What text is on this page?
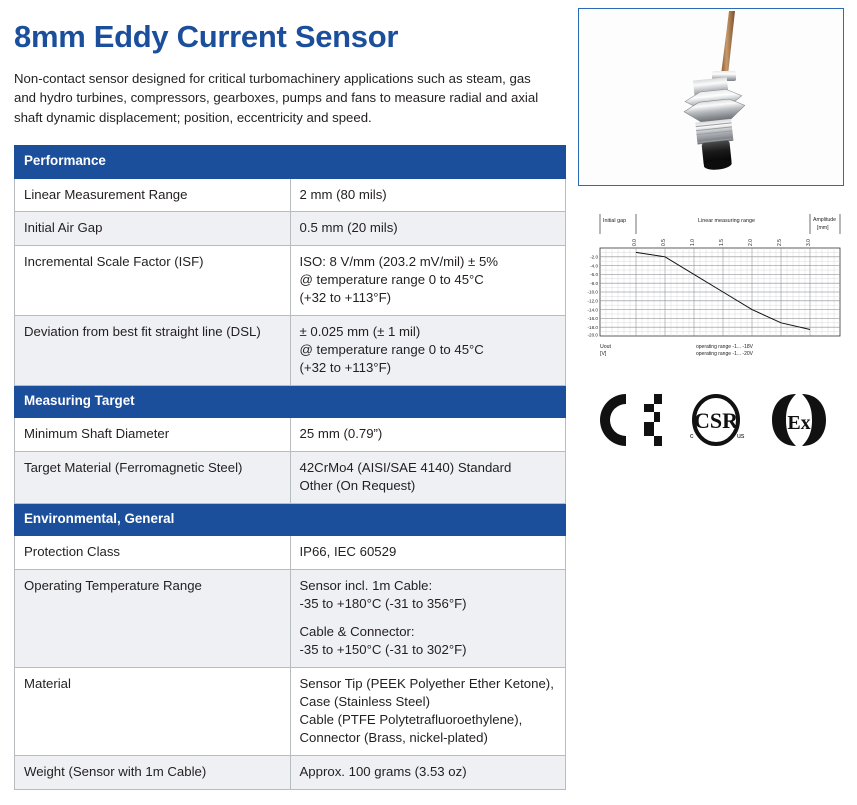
8mm Eddy Current Sensor

Non-contact sensor designed for critical turbomachinery applications such as steam, gas and hydro turbines, compressors, gearboxes, pumps and fans to measure radial and axial shaft dynamic displacement; position, eccentricity and speed.

Performance	
Linear Measurement Range	2 mm (80 mils)

Initial Air Gap	0.5 mm (20 mils)

Incremental Scale Factor (ISF)	ISO: 8 V/mm (203.2 mV/mil) ± 5%
@ temperature range 0 to 45°C
(+32 to +113°F)

Deviation from best fit straight line (DSL)	± 0.025 mm (± 1 mil)
@ temperature range 0 to 45°C
(+32 to +113°F)

Measuring Target	
Minimum Shaft Diameter	25 mm (0.79”)

Target Material (Ferromagnetic Steel)	42CrMo4 (AISI/SAE 4140) Standard
Other (On Request)

Environmental, General	
Protection Class	IP66, IEC 60529

Operating Temperature Range	Sensor incl. 1m Cable:
-35 to +180°C (-31 to 356°F)
Cable & Connector:
-35 to +150°C (-31 to 302°F)

Material	Sensor Tip (PEEK Polyether Ether Ketone), Case (Stainless Steel)
Cable (PTFE Polytetrafluoroethylene),
Connector (Brass, nickel-plated)

Weight (Sensor with 1m Cable)	Approx. 100 grams (3.53 oz)
Initial gap	Linear measuring range	Amplitude
[mm]
0.0	0.5	1.0	1.5	2.0	2.5	3.0
-2.0
-4.0
-6.0
-8.0
-10.0
-12.0
-14.0
-16.0
-18.0
-20.0
Uout
[V]
operating range -1... -18V
operating range -1... -20V
CSR
c	us
Ex
